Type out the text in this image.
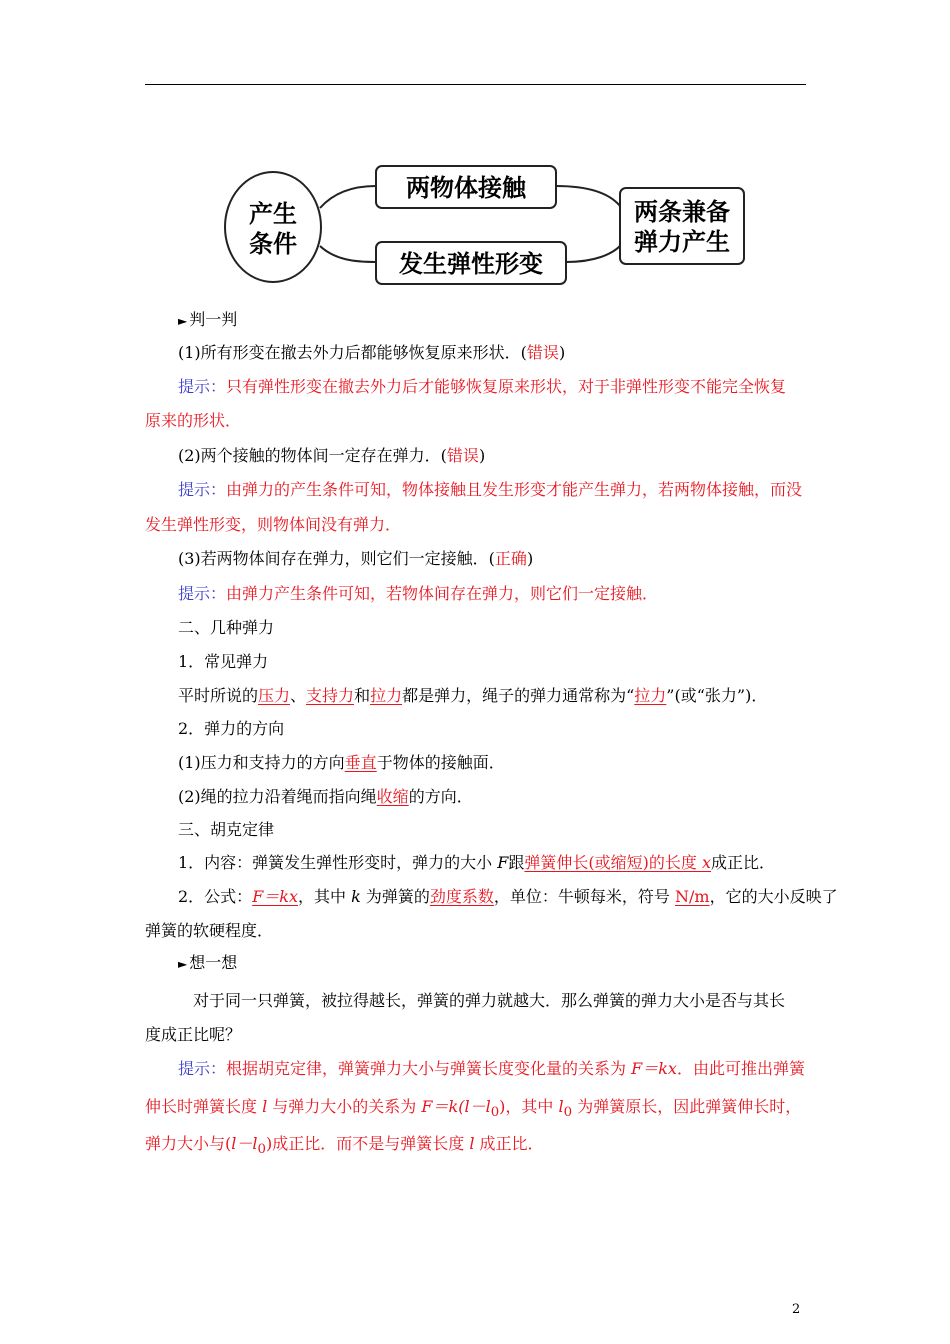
产生
条件
两物体接触
发生弹性形变
两条兼备
弹力产生
► 判一判
(1)所有形变在撤去外力后都能够恢复原来形状．(错误)
提示：只有弹性形变在撤去外力后才能够恢复原来形状，对于非弹性形变不能完全恢复
原来的形状．
(2)两个接触的物体间一定存在弹力．(错误)
提示：由弹力的产生条件可知，物体接触且发生形变才能产生弹力，若两物体接触，而没
发生弹性形变，则物体间没有弹力．
(3)若两物体间存在弹力，则它们一定接触．(正确)
提示：由弹力产生条件可知，若物体间存在弹力，则它们一定接触．
二、几种弹力
1．常见弹力
平时所说的压力、支持力和拉力都是弹力，绳子的弹力通常称为“拉力”(或“张力”)．
2．弹力的方向
(1)压力和支持力的方向垂直于物体的接触面．
(2)绳的拉力沿着绳而指向绳收缩的方向．
三、胡克定律
1．内容：弹簧发生弹性形变时，弹力的大小 F跟弹簧伸长(或缩短)的长度 x成正比．
2．公式：F＝kx，其中 k 为弹簧的劲度系数，单位：牛顿每米，符号 N/m，它的大小反映了
弹簧的软硬程度．
► 想一想
对于同一只弹簧，被拉得越长，弹簧的弹力就越大．那么弹簧的弹力大小是否与其长
度成正比呢？
提示：根据胡克定律，弹簧弹力大小与弹簧长度变化量的关系为 F＝kx．由此可推出弹簧
伸长时弹簧长度 l 与弹力大小的关系为 $F=k(l-l_0)$，其中 $l_0$ 为弹簧原长，因此弹簧伸长时，
弹力大小与$(l-l_0)$成正比．而不是与弹簧长度 l 成正比．
2
